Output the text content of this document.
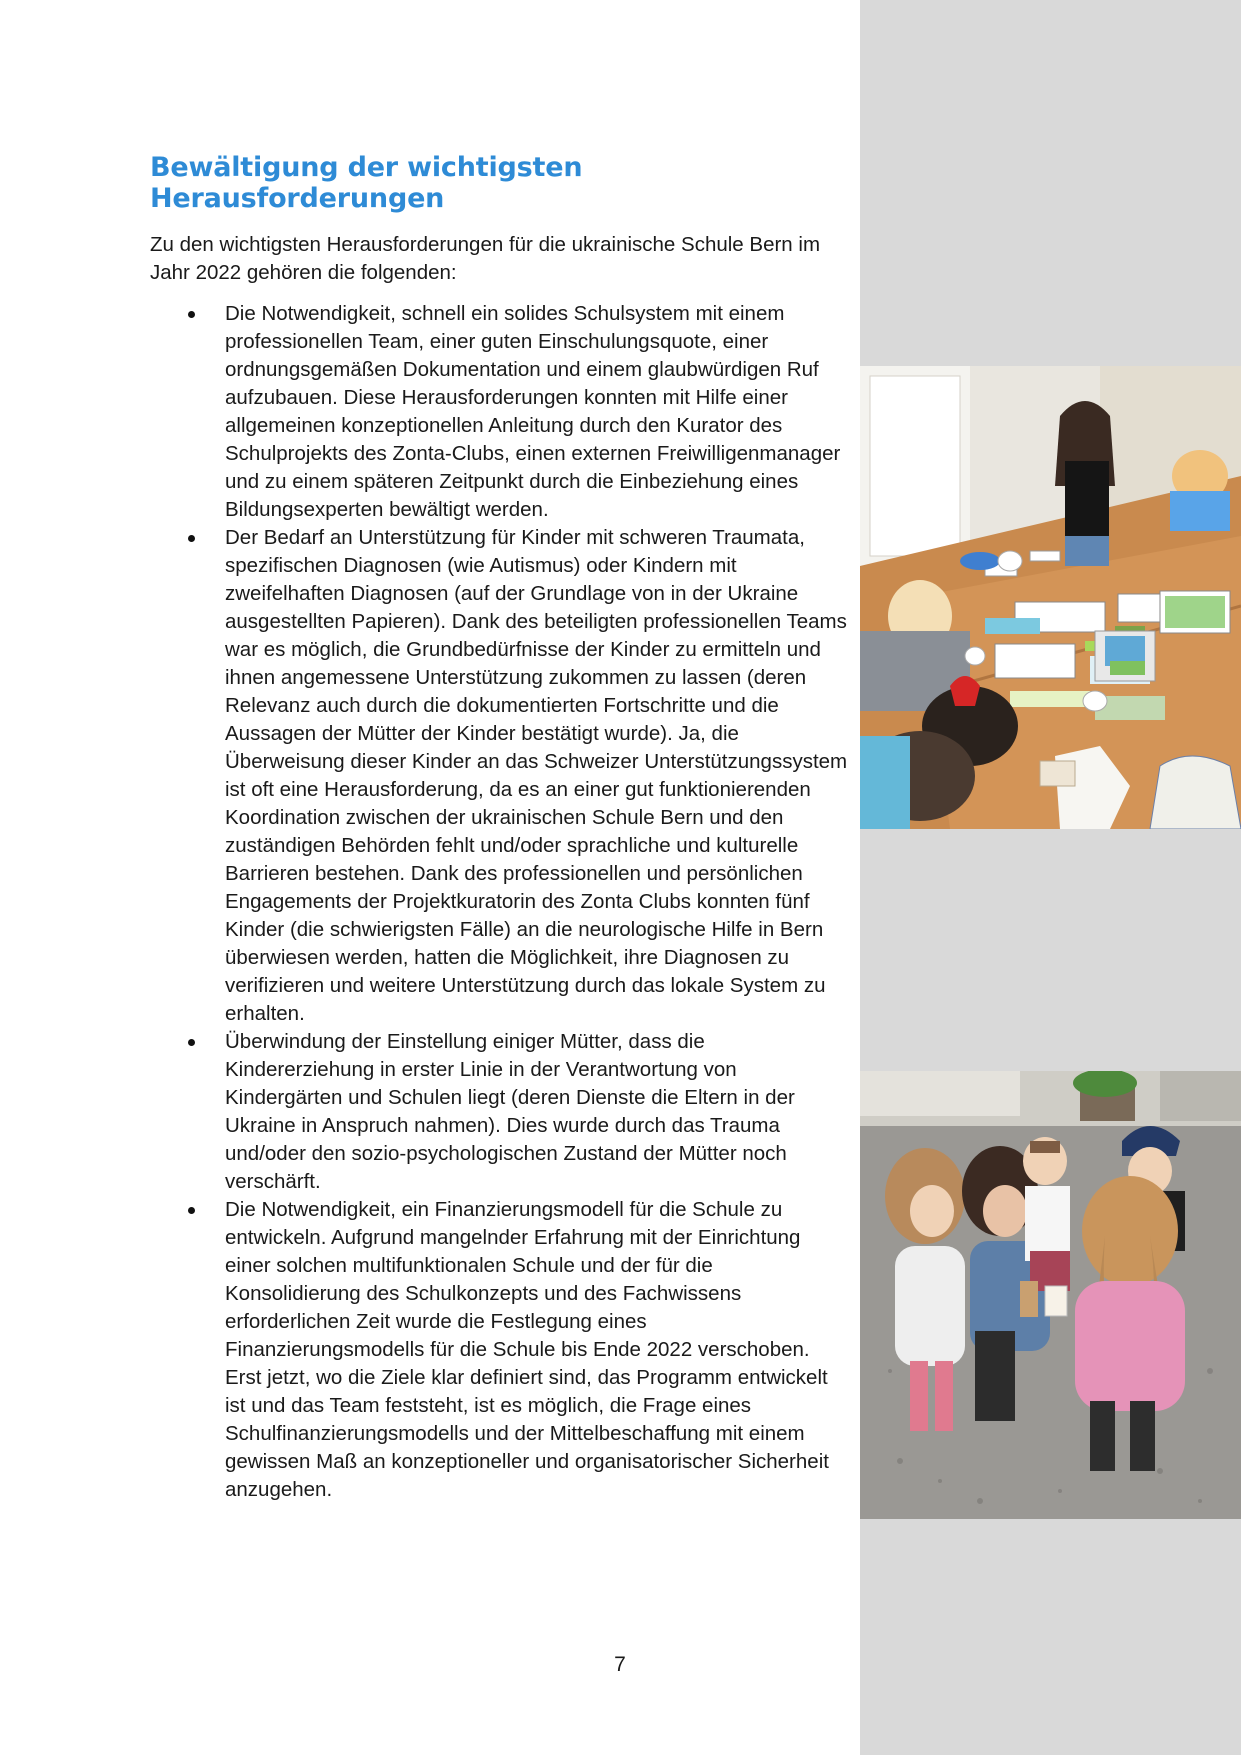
Bewältigung der wichtigsten Herausforderungen

Zu den wichtigsten Herausforderungen für die ukrainische Schule Bern im Jahr 2022 gehören die folgenden:

Die Notwendigkeit, schnell ein solides Schulsystem mit einem professionellen Team, einer guten Einschulungsquote, einer ordnungsgemäßen Dokumentation und einem glaubwürdigen Ruf aufzubauen. Diese Herausforderungen konnten mit Hilfe einer allgemeinen konzeptionellen Anleitung durch den Kurator des Schulprojekts des Zonta-Clubs, einen externen Freiwilligenmanager und zu einem späteren Zeitpunkt durch die Einbeziehung eines Bildungsexperten bewältigt werden.
Der Bedarf an Unterstützung für Kinder mit schweren Traumata, spezifischen Diagnosen (wie Autismus) oder Kindern mit zweifelhaften Diagnosen (auf der Grundlage von in der Ukraine ausgestellten Papieren). Dank des beteiligten professionellen Teams war es möglich, die Grundbedürfnisse der Kinder zu ermitteln und ihnen angemessene Unterstützung zukommen zu lassen (deren Relevanz auch durch die dokumentierten Fortschritte und die Aussagen der Mütter der Kinder bestätigt wurde). Ja, die Überweisung dieser Kinder an das Schweizer Unterstützungssystem ist oft eine Herausforderung, da es an einer gut funktionierenden Koordination zwischen der ukrainischen Schule Bern und den zuständigen Behörden fehlt und/oder sprachliche und kulturelle Barrieren bestehen. Dank des professionellen und persönlichen Engagements der Projektkuratorin des Zonta Clubs konnten fünf Kinder (die schwierigsten Fälle) an die neurologische Hilfe in Bern überwiesen werden, hatten die Möglichkeit, ihre Diagnosen zu verifizieren und weitere Unterstützung durch das lokale System zu erhalten.
Überwindung der Einstellung einiger Mütter, dass die Kindererziehung in erster Linie in der Verantwortung von Kindergärten und Schulen liegt (deren Dienste die Eltern in der Ukraine in Anspruch nahmen). Dies wurde durch das Trauma und/oder den sozio-psychologischen Zustand der Mütter noch verschärft.
Die Notwendigkeit, ein Finanzierungsmodell für die Schule zu entwickeln. Aufgrund mangelnder Erfahrung mit der Einrichtung einer solchen multifunktionalen Schule und der für die Konsolidierung des Schulkonzepts und des Fachwissens erforderlichen Zeit wurde die Festlegung eines Finanzierungsmodells für die Schule bis Ende 2022 verschoben. Erst jetzt, wo die Ziele klar definiert sind, das Programm entwickelt ist und das Team feststeht, ist es möglich, die Frage eines Schulfinanzierungsmodells und der Mittelbeschaffung mit einem gewissen Maß an konzeptioneller und organisatorischer Sicherheit anzugehen.
7
